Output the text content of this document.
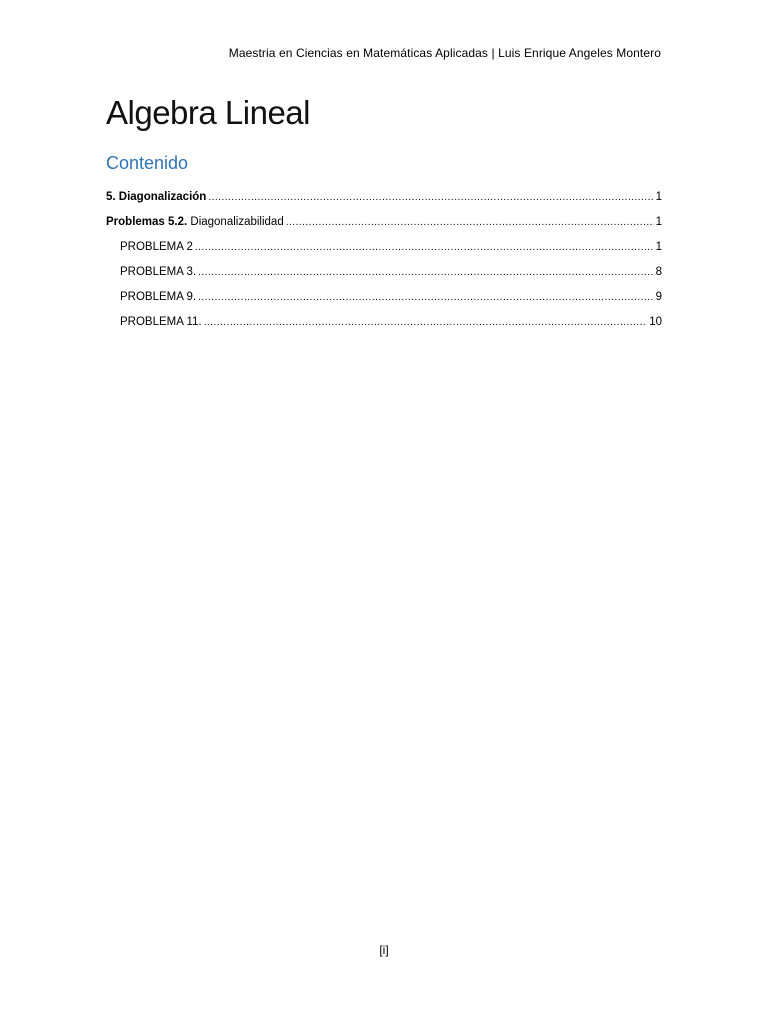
Maestria en Ciencias en Matemáticas Aplicadas | Luis Enrique Angeles Montero
Algebra Lineal
Contenido
5. Diagonalización .....	1
Problemas 5.2. Diagonalizabilidad .....	1
PROBLEMA 2 .....	1
PROBLEMA 3. .....	8
PROBLEMA 9. .....	9
PROBLEMA 11. .....	10
[i]
